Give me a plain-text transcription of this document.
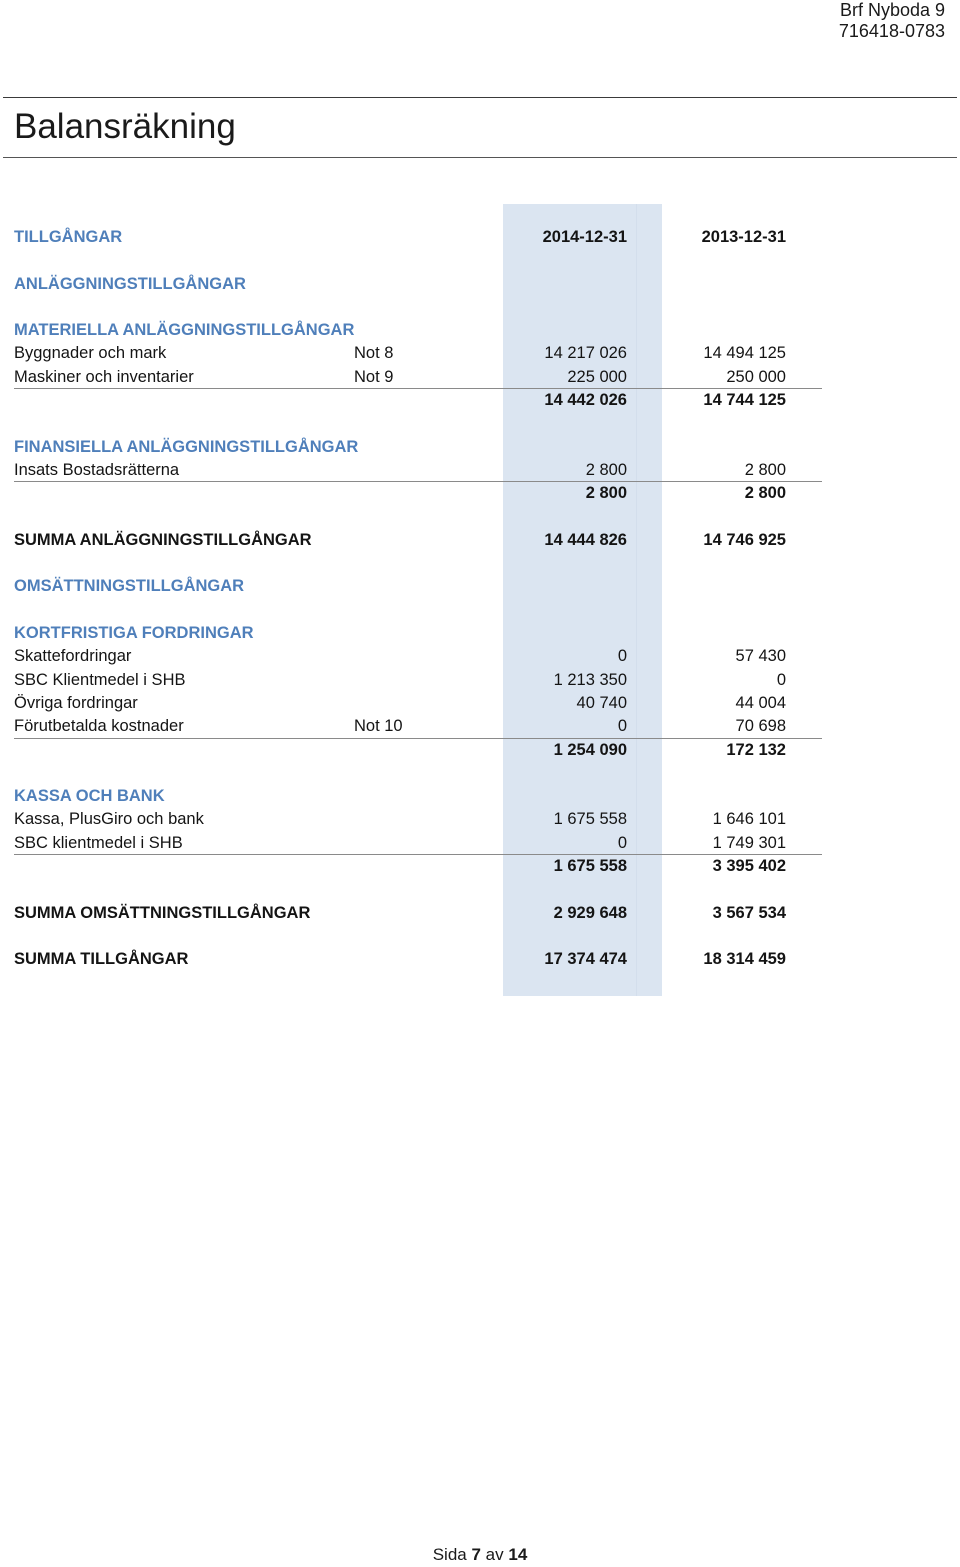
Brf Nyboda 9
716418-0783
Balansräkning
TILLGÅNGAR	2014-12-31	2013-12-31
ANLÄGGNINGSTILLGÅNGAR
MATERIELLA ANLÄGGNINGSTILLGÅNGAR
Byggnader och mark	Not 8	14 217 026	14 494 125
Maskiner och inventarier	Not 9	225 000	250 000
14 442 026	14 744 125
FINANSIELLA ANLÄGGNINGSTILLGÅNGAR
Insats Bostadsrätterna	2 800	2 800
2 800	2 800
SUMMA ANLÄGGNINGSTILLGÅNGAR	14 444 826	14 746 925
OMSÄTTNINGSTILLGÅNGAR
KORTFRISTIGA FORDRINGAR
Skattefordringar	0	57 430
SBC Klientmedel i SHB	1 213 350	0
Övriga fordringar	40 740	44 004
Förutbetalda kostnader	Not 10	0	70 698
1 254 090	172 132
KASSA OCH BANK
Kassa, PlusGiro och bank	1 675 558	1 646 101
SBC klientmedel i SHB	0	1 749 301
1 675 558	3 395 402
SUMMA OMSÄTTNINGSTILLGÅNGAR	2 929 648	3 567 534
SUMMA TILLGÅNGAR	17 374 474	18 314 459
Sida 7 av 14
